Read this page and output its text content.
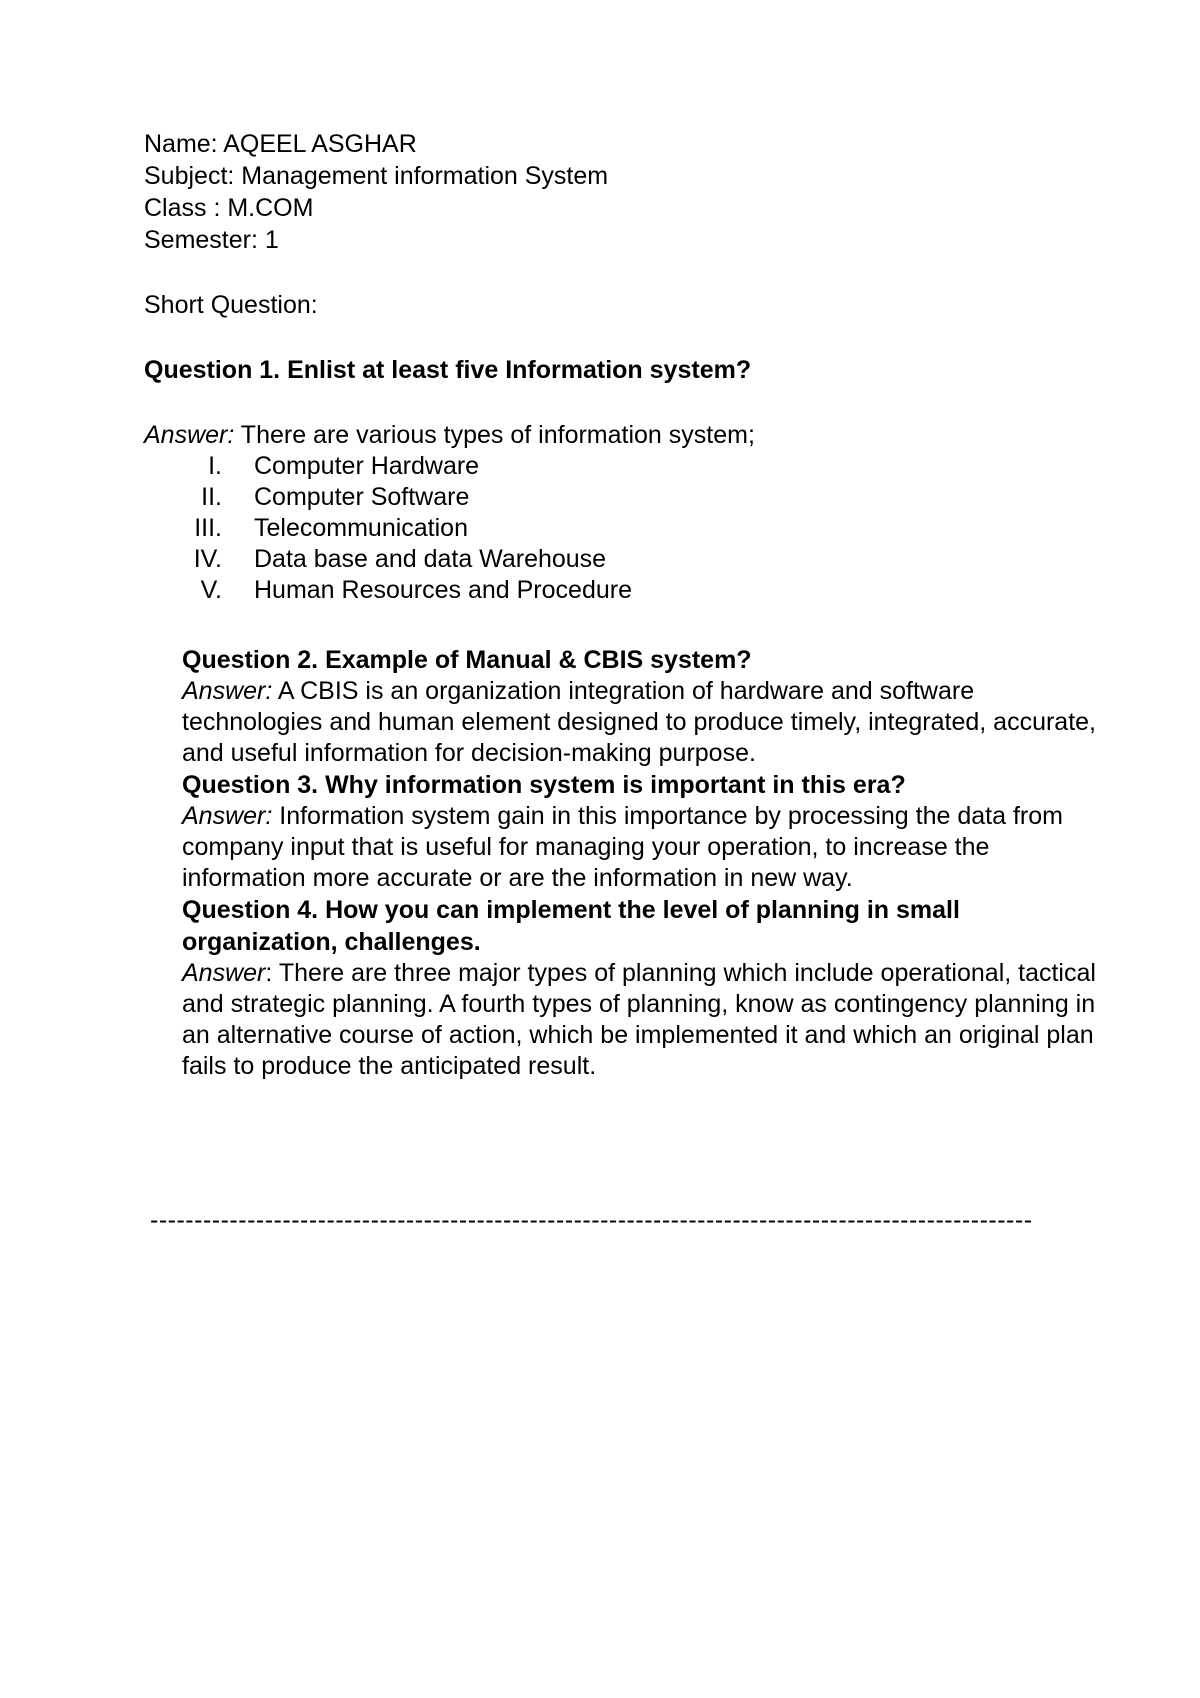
Name: AQEEL ASGHAR
Subject: Management information System
Class : M.COM
Semester: 1
Short Question:
Question 1. Enlist at least five Information system?
Answer: There are various types of information system;
I. Computer Hardware
II. Computer Software
III. Telecommunication
IV. Data base and data Warehouse
V. Human Resources and Procedure
Question 2. Example of Manual & CBIS system?

Answer: A CBIS is an organization integration of hardware and software technologies and human element designed to produce timely, integrated, accurate, and useful information for decision-making purpose.

Question 3. Why information system is important in this era?

Answer: Information system gain in this importance by processing the data from company input that is useful for managing your operation, to increase the information more accurate or are the information in new way.

Question 4. How you can implement the level of planning in small organization, challenges.

Answer: There are three major types of planning which include operational, tactical and strategic planning. A fourth types of planning, know as contingency planning in an alternative course of action, which be implemented it and which an original plan fails to produce the anticipated result.

----------------------------------------------------------------------------------------------------
